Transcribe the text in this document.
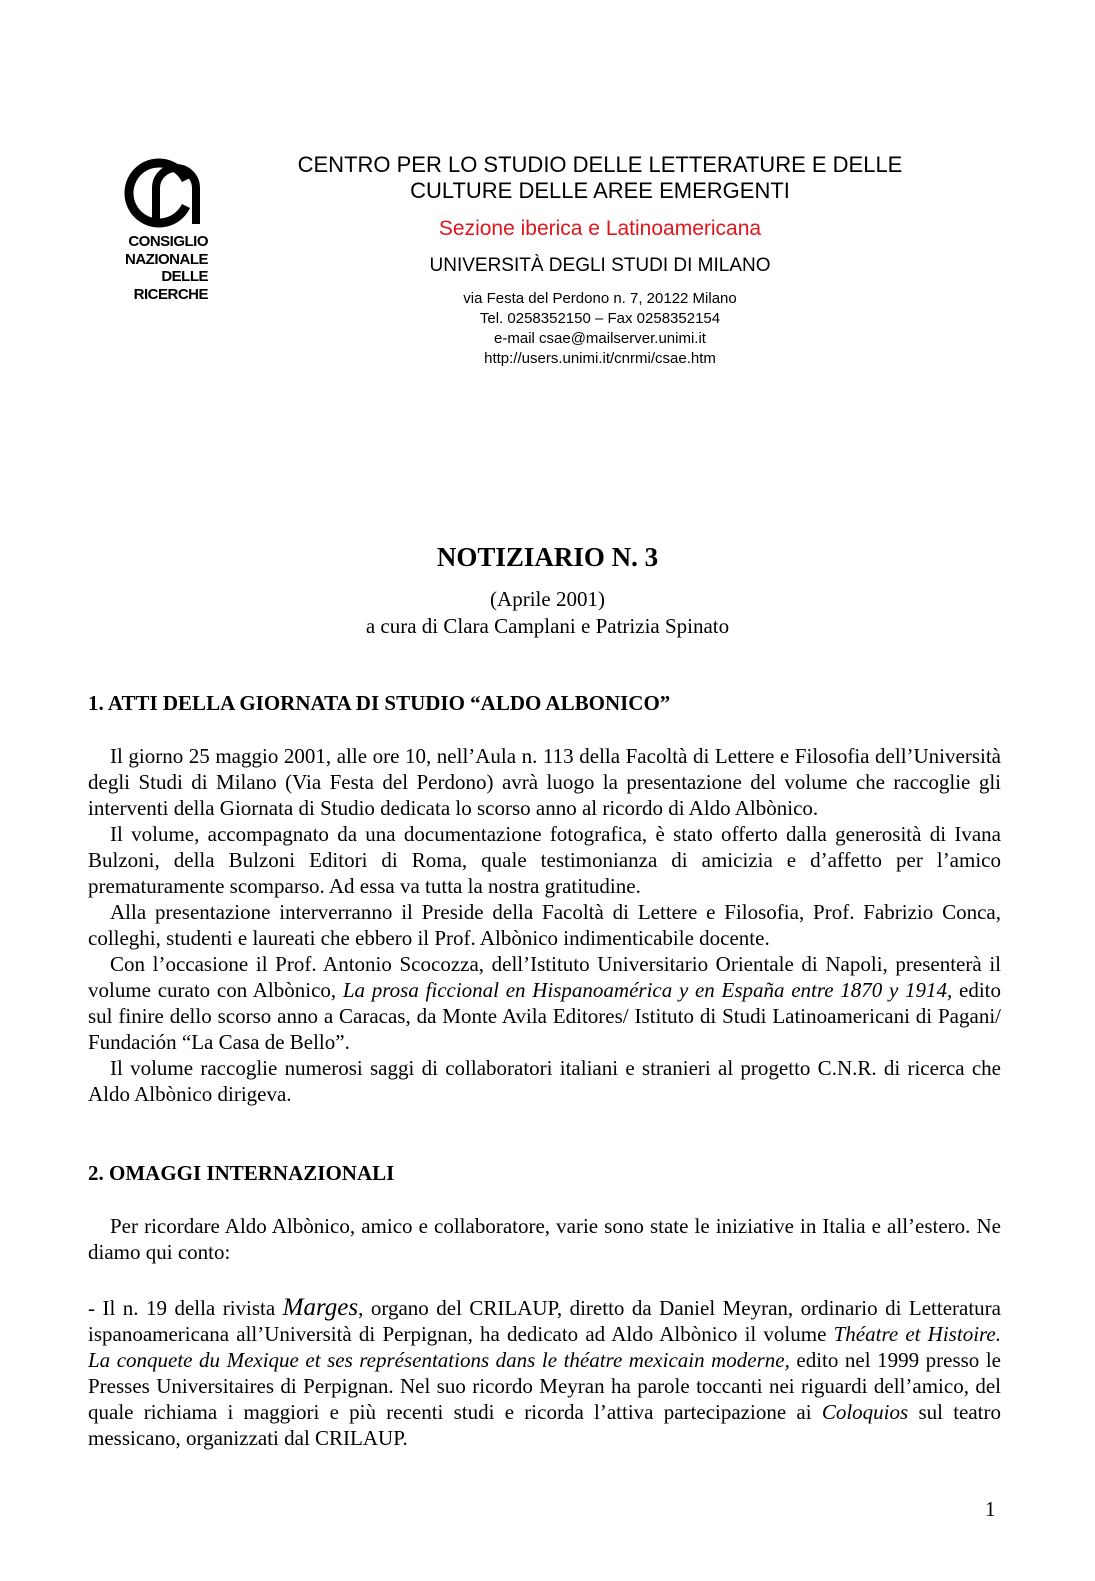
CONSIGLIO
NAZIONALE
DELLE
RICERCHE
CENTRO PER LO STUDIO DELLE LETTERATURE E DELLE
CULTURE DELLE AREE EMERGENTI
Sezione iberica e Latinoamericana
UNIVERSITÀ DEGLI STUDI DI MILANO
via Festa del Perdono n. 7, 20122 Milano
Tel. 0258352150 – Fax 0258352154
e-mail csae@mailserver.unimi.it
http://users.unimi.it/cnrmi/csae.htm
NOTIZIARIO N. 3
(Aprile 2001)
a cura di Clara Camplani e Patrizia Spinato
1. ATTI DELLA GIORNATA DI STUDIO “ALDO ALBONICO”

Il giorno 25 maggio 2001, alle ore 10, nell’Aula n. 113 della Facoltà di Lettere e Filosofia dell’Università degli Studi di Milano (Via Festa del Perdono) avrà luogo la presentazione del volume che raccoglie gli interventi della Giornata di Studio dedicata lo scorso anno al ricordo di Aldo Albònico.

Il volume, accompagnato da una documentazione fotografica, è stato offerto dalla generosità di Ivana Bulzoni, della Bulzoni Editori di Roma, quale testimonianza di amicizia e d’affetto per l’amico prematuramente scomparso. Ad essa va tutta la nostra gratitudine.

Alla presentazione interverranno il Preside della Facoltà di Lettere e Filosofia, Prof. Fabrizio Conca, colleghi, studenti e laureati che ebbero il Prof. Albònico indimenticabile docente.

Con l’occasione il Prof. Antonio Scocozza, dell’Istituto Universitario Orientale di Napoli, presenterà il volume curato con Albònico, La prosa ficcional en Hispanoamérica y en España entre 1870 y 1914, edito sul finire dello scorso anno a Caracas, da Monte Avila Editores/ Istituto di Studi Latinoamericani di Pagani/ Fundación “La Casa de Bello”.

Il volume raccoglie numerosi saggi di collaboratori italiani e stranieri al progetto C.N.R. di ricerca che Aldo Albònico dirigeva.

2. OMAGGI INTERNAZIONALI

Per ricordare Aldo Albònico, amico e collaboratore, varie sono state le iniziative in Italia e all’estero. Ne diamo qui conto:

- Il n. 19 della rivista Marges, organo del CRILAUP, diretto da Daniel Meyran, ordinario di Letteratura ispanoamericana all’Università di Perpignan, ha dedicato ad Aldo Albònico il volume Théatre et Histoire. La conquete du Mexique et ses représentations dans le théatre mexicain moderne, edito nel 1999 presso le Presses Universitaires di Perpignan. Nel suo ricordo Meyran ha parole toccanti nei riguardi dell’amico, del quale richiama i maggiori e più recenti studi e ricorda l’attiva partecipazione ai Coloquios sul teatro messicano, organizzati dal CRILAUP.

1
